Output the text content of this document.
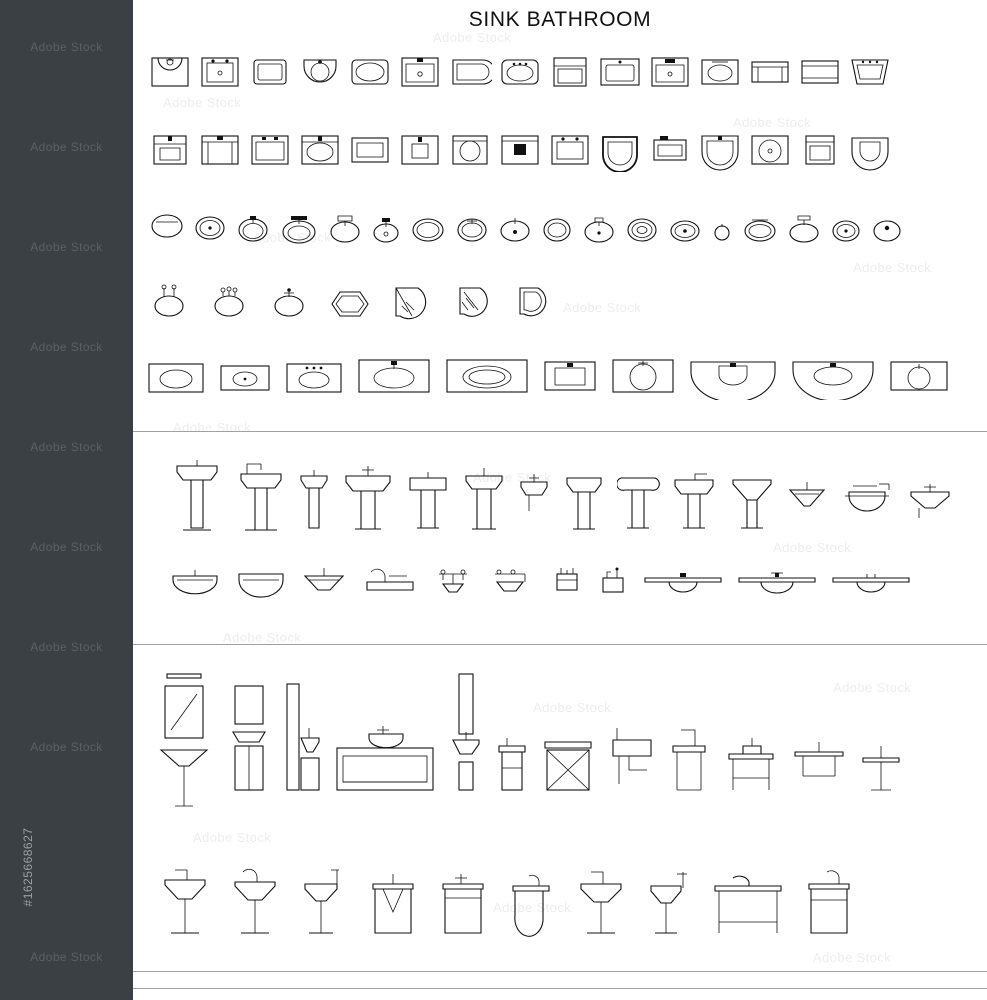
Adobe Stock
Adobe Stock
Adobe Stock
Adobe Stock
Adobe Stock
Adobe Stock
Adobe Stock
Adobe Stock
Adobe Stock
#1625668627
Adobe Stock
Adobe Stock
Adobe Stock
Adobe Stock
Adobe Stock
Adobe Stock
Adobe Stock
Adobe Stock
Adobe Stock
Adobe Stock
Adobe Stock
Adobe Stock
Adobe Stock
Adobe Stock
Adobe Stock
SINK BATHROOM
